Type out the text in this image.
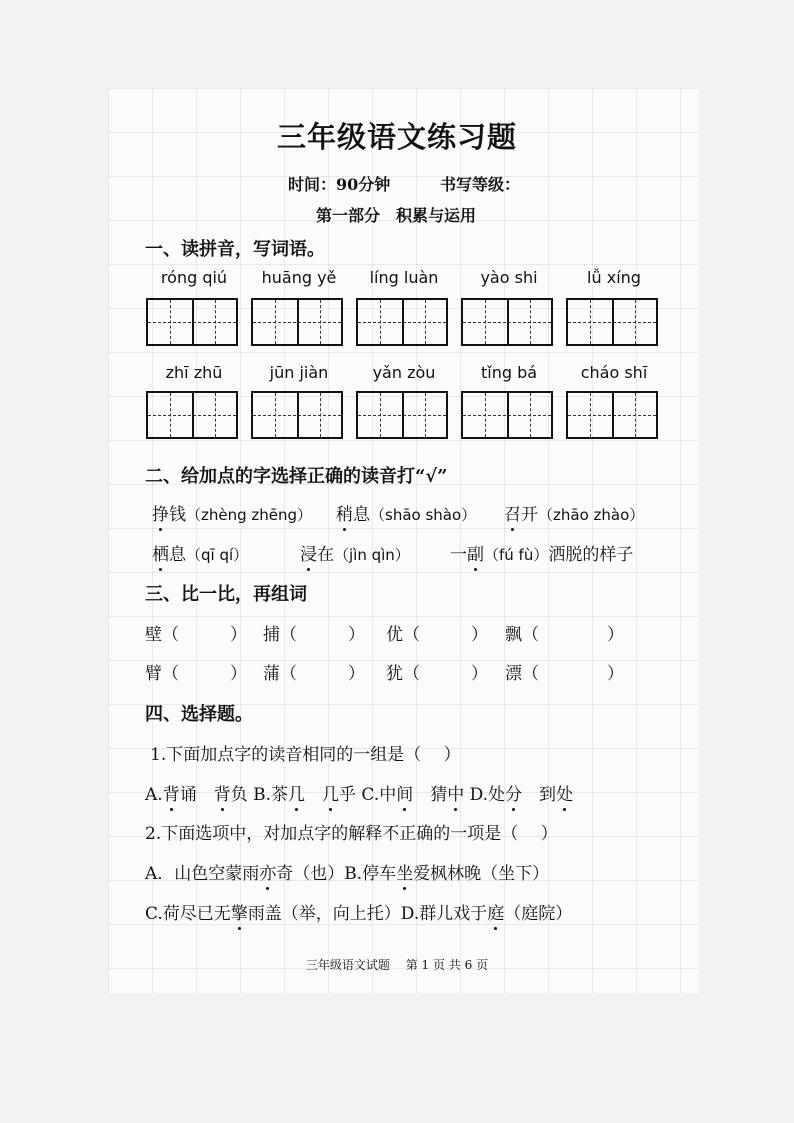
三年级语文练习题
时间：90分钟	书写等级：
第一部分　积累与运用
一、读拼音，写词语。
róng qiú	huāng yě	líng luàn	yào shi	lǚ xíng
zhī zhū	jūn jiàn	yǎn zòu	tǐng bá	cháo shī
二、给加点的字选择正确的读音打“√”
挣钱（zhèng zhēng） 稍息（shāo shào） 召开（zhāo zhào）
栖息（qī qí）	浸在（jìn qìn） 一副（fú fù）洒脱的样子
三、比一比，再组词
壁（　　　） 捕（　　　） 优（　　　） 飘（　　　　）
臂（　　　） 蒲（　　　） 犹（　　　） 漂（　　　　）
四、选择题。
1.下面加点字的读音相同的一组是（　 ）
A.背诵　背负 B.茶几　 几乎 C.中间　猜中 D.处分　到处
2.下面选项中，对加点字的解释不正确的一项是（　 ）
A．山色空蒙雨亦奇（也）B.停车坐爱枫林晚（坐下）
C.荷尽已无擎雨盖（举，向上托）D.群儿戏于庭（庭院）
三年级语文试题　 第 1 页 共 6 页
